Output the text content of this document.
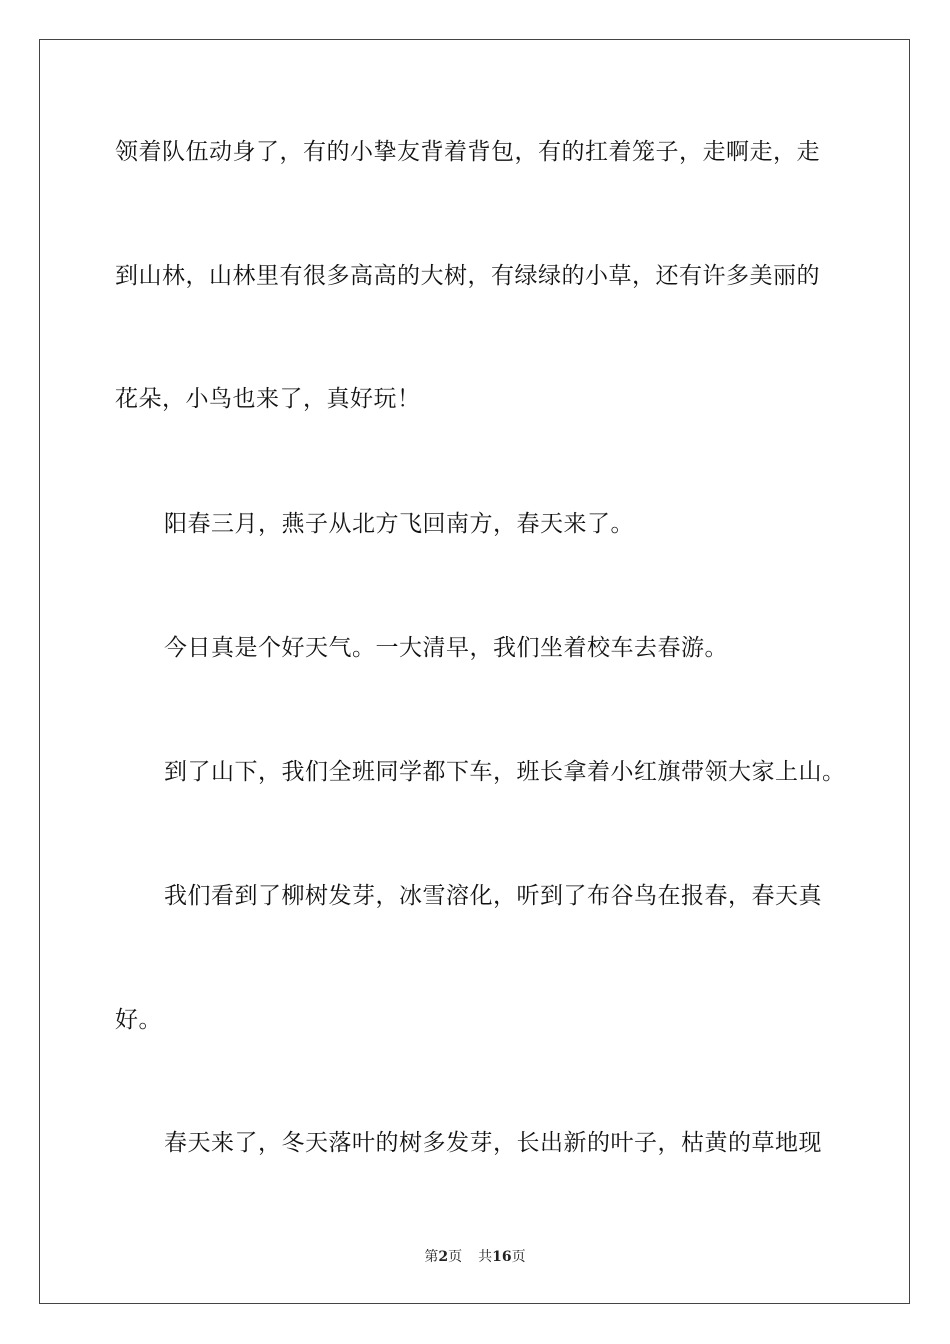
领着队伍动身了，有的小挚友背着背包，有的扛着笼子，走啊走，走
到山林，山林里有很多高高的大树，有绿绿的小草，还有许多美丽的
花朵，小鸟也来了，真好玩！
阳春三月，燕子从北方飞回南方，春天来了。
今日真是个好天气。一大清早，我们坐着校车去春游。
到了山下，我们全班同学都下车，班长拿着小红旗带领大家上山。
我们看到了柳树发芽，冰雪溶化，听到了布谷鸟在报春，春天真
好。
春天来了，冬天落叶的树多发芽，长出新的叶子，枯黄的草地现
第2页 共16页
